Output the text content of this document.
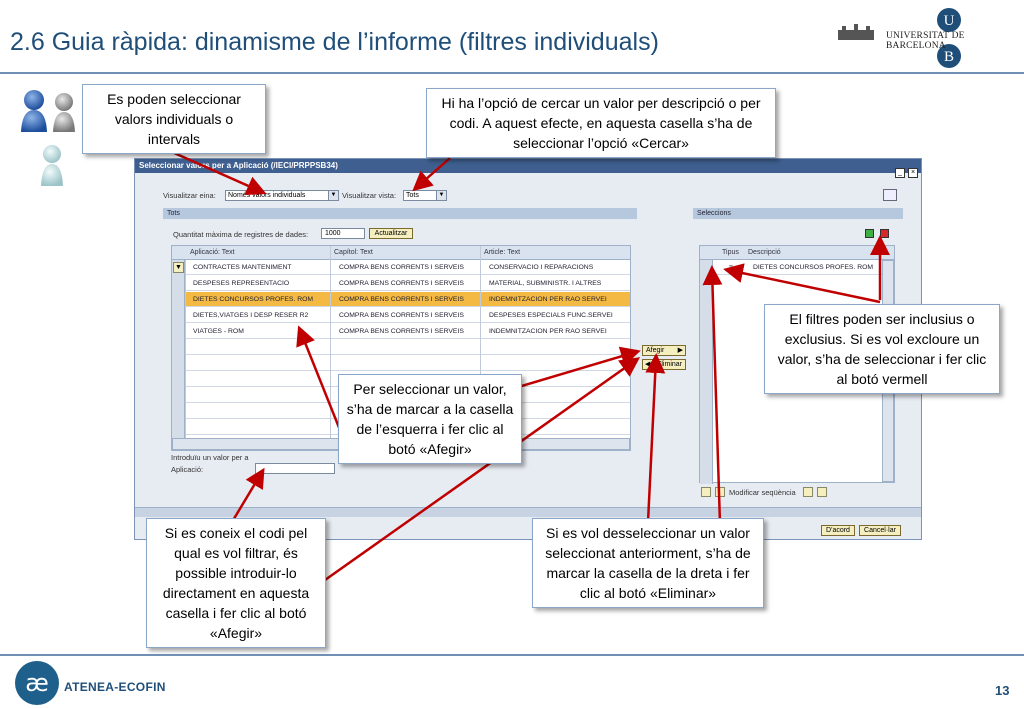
2.6 Guia ràpida: dinamisme de l’informe (filtres individuals)
U
B
UNIVERSITAT DE BARCELONA
Seleccionar valors per a Aplicació (/IECI/PRPPSB34)
_ ×
Visualitzar eina:	Només valors individuals	▼ Visualitzar vista:	Tots	▼
Tots
Quantitat màxima de registres de dades:	1000	Actualitzar
Aplicació: Text	Capítol: Text	Article: Text
▼	CONTRACTES MANTENIMENT	COMPRA BENS CORRENTS I SERVEIS	CONSERVACIO I REPARACIONS
DESPESES REPRESENTACIO	COMPRA BENS CORRENTS I SERVEIS	MATERIAL, SUBMINISTR. I ALTRES
DIETES CONCURSOS PROFES. ROM	COMPRA BENS CORRENTS I SERVEIS	INDEMNITZACION PER RAO SERVEI
DIETES,VIATGES I DESP RESER R2	COMPRA BENS CORRENTS I SERVEIS	DESPESES ESPECIALS FUNC.SERVEI
VIATGES - ROM	COMPRA BENS CORRENTS I SERVEIS	INDEMNITZACION PER RAO SERVEI
Introduïu un valor per a
Aplicació:
Afegir ▶
◀ Eliminar
Seleccions
Tipus Descripció
=	DIETES CONCURSOS PROFES. ROM
Modificar seqüència
D'acord	Cancel·lar
Es poden seleccionar valors individuals o intervals
Hi ha l’opció de cercar un valor per descripció o per codi. A aquest efecte, en aquesta casella s’ha de seleccionar l’opció «Cercar»
El filtres poden ser inclusius o exclusius. Si es vol excloure un valor, s’ha de seleccionar i fer clic al botó vermell
Per seleccionar un valor, s’ha de marcar a la casella de l’esquerra i fer clic al botó «Afegir»
Si es coneix el codi pel qual es vol filtrar, és possible introduir-lo directament en aquesta casella i fer clic al botó «Afegir»
Si es vol desseleccionar un valor seleccionat anteriorment, s’ha de marcar la casella de la dreta i fer clic al botó «Eliminar»
æ ATENEA-ECOFIN	13
